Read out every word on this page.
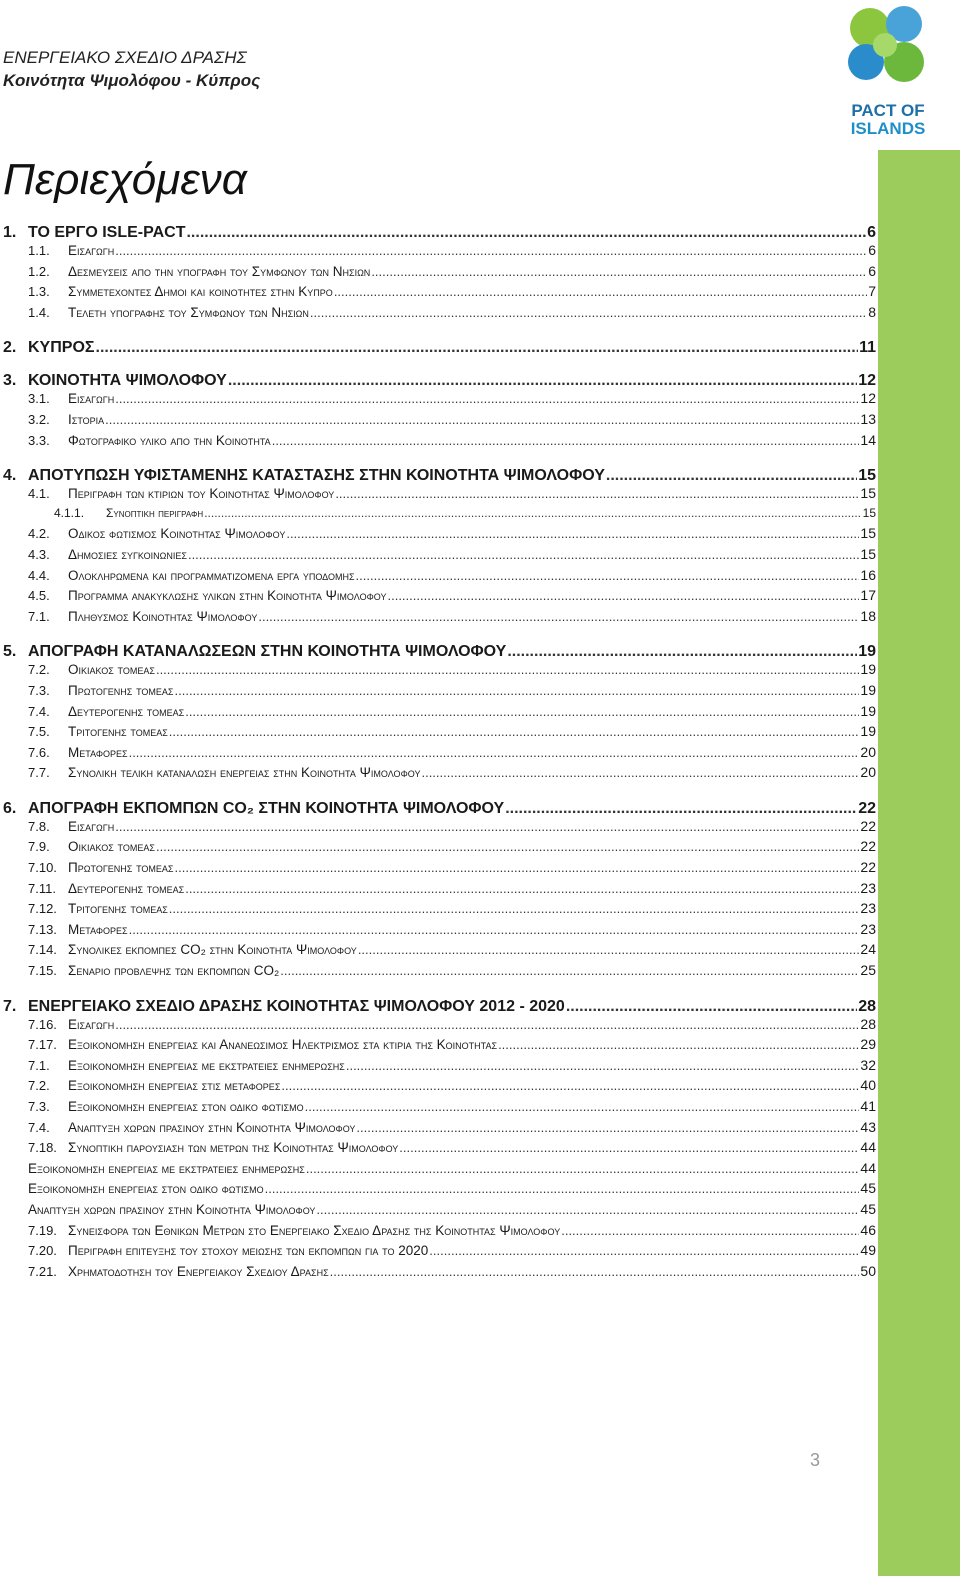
ΕΝΕΡΓΕΙΑΚΟ ΣΧΕΔΙΟ ΔΡΑΣΗΣ
Κοινότητα Ψιμολόφου - Κύπρος
PACT OF
ISLANDS
Περιεχόμενα
1. ΤΟ ΕΡΓΟ ISLE-PACT .....	6
1.1.	Εισαγωγη .....	6
1.2.	Δεσμευσεις απο την υπογραφη του Συμφωνου των Νησιων .....	6
1.3.	Συμμετεχοντες Δημοι και κοινοτητες στην Κυπρο .....	7
1.4.	Τελετη υπογραφης του Συμφωνου των Νησιων .....	8
2. ΚΥΠΡΟΣ .....	11
3. ΚΟΙΝΟΤΗΤΑ ΨΙΜΟΛΟΦΟΥ .....	12
3.1.	Εισαγωγη .....	12
3.2.	Ιστορια .....	13
3.3.	Φωτογραφικο υλικο απο την Κοινοτητα .....	14
4. ΑΠΟΤΥΠΩΣΗ ΥΦΙΣΤΑΜΕΝΗΣ ΚΑΤΑΣΤΑΣΗΣ ΣΤΗΝ ΚΟΙΝΟΤΗΤΑ ΨΙΜΟΛΟΦΟΥ .....	15
4.1.	Περιγραφη των κτιριων του Κοινοτητας Ψιμολοφου .....	15
4.1.1.	Συνοπτικη περιγραφη .....	15
4.2.	Οδικος φωτισμος Κοινοτητας Ψιμολοφου .....	15
4.3.	Δημοσιες συγκοινωνιες .....	15
4.4.	Ολοκληρωμενα και προγραμματιζομενα εργα υποδομης .....	16
4.5.	Προγραμμα ανακυκλωσης υλικων στην Κοινοτητα Ψιμολοφου .....	17
7.1.	Πληθυσμος Κοινοτητας Ψιμολοφου .....	18
5. ΑΠΟΓΡΑΦΗ ΚΑΤΑΝΑΛΩΣΕΩΝ ΣΤΗΝ ΚΟΙΝΟΤΗΤΑ ΨΙΜΟΛΟΦΟΥ .....	19
7.2.	Οικιακος τομεας .....	19
7.3.	Πρωτογενης τομεας .....	19
7.4.	Δευτερογενης τομεας .....	19
7.5.	Τριτογενης τομεας .....	19
7.6.	Μεταφορες .....	20
7.7.	Συνολικη τελικη καταναλωση ενεργειας στην Κοινοτητα Ψιμολοφου .....	20
6. ΑΠΟΓΡΑΦΗ ΕΚΠΟΜΠΩΝ CO₂ ΣΤΗΝ ΚΟΙΝΟΤΗΤΑ ΨΙΜΟΛΟΦΟΥ .....	22
7.8.	Εισαγωγη .....	22
7.9.	Οικιακος τομεας .....	22
7.10. Πρωτογενης τομεας .....	22
7.11. Δευτερογενης τομεας .....	23
7.12. Τριτογενης τομεας .....	23
7.13. Μεταφορες .....	23
7.14. Συνολικες εκπομπες CO₂ στην Κοινοτητα Ψιμολοφου .....	24
7.15. Σεναριο προβλεψης των εκπομπων CO₂ .....	25
7. ΕΝΕΡΓΕΙΑΚΟ ΣΧΕΔΙΟ ΔΡΑΣΗΣ ΚΟΙΝΟΤΗΤΑΣ ΨΙΜΟΛΟΦΟΥ 2012 - 2020 .....	28
7.16. Εισαγωγη .....	28
7.17. Εξοικονομηση ενεργειας και Ανανεωσιμος Ηλεκτρισμος στα κτιρια της Κοινοτητας .....	29
7.1.	Εξοικονομηση ενεργειας με εκστρατειες ενημερωσης .....	32
7.2.	Εξοικονομηση ενεργειας στις μεταφορες .....	40
7.3.	Εξοικονομηση ενεργειας στον οδικο φωτισμο .....	41
7.4.	Αναπτυξη χωρων πρασινου στην Κοινοτητα Ψιμολοφου .....	43
7.18. Συνοπτικη παρουσιαση των μετρων της Κοινοτητας Ψιμολοφου .....	44
Εξοικονομηση ενεργειας με εκστρατειες ενημερωσης .....	44
Εξοικονομηση ενεργειας στον οδικο φωτισμο .....	45
Αναπτυξη χωρων πρασινου στην Κοινοτητα Ψιμολοφου .....	45
7.19. Συνεισφορα των Εθνικων Μετρων στο Ενεργειακο Σχεδιο Δρασης της Κοινοτητας Ψιμολοφου .....	46
7.20. Περιγραφη επιτευξης του στοχου μειωσης των εκπομπων για το 2020 .....	49
7.21. Χρηματοδοτηση του Ενεργειακου Σχεδιου Δρασης .....	50
3
